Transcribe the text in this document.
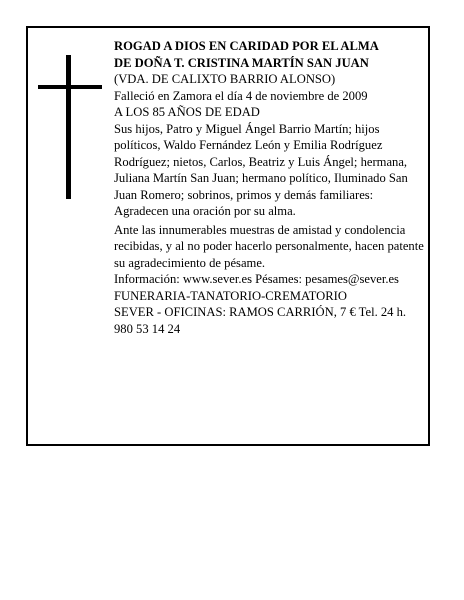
ROGAD A DIOS EN CARIDAD POR EL ALMA

DE DOÑA T. CRISTINA MARTÍN SAN JUAN

(VDA. DE CALIXTO BARRIO ALONSO)

Falleció en Zamora el día 4 de noviembre de 2009

A LOS 85 AÑOS DE EDAD

Sus hijos, Patro y Miguel Ángel Barrio Martín; hijos políticos, Waldo Fernández León y Emilia Rodríguez Rodríguez; nietos, Carlos, Beatriz y Luis Ángel; hermana, Juliana Martín San Juan; hermano político, Iluminado San Juan Romero; sobrinos, primos y demás familiares:

Agradecen una oración por su alma.

Ante las innumerables muestras de amistad y condolencia recibidas, y al no poder hacerlo personalmente, hacen patente su agradecimiento de pésame.

Información: www.sever.es Pésames: pesames@sever.es

FUNERARIA-TANATORIO-CREMATORIO

SEVER - OFICINAS: RAMOS CARRIÓN, 7 € Tel. 24 h. 980 53 14 24
